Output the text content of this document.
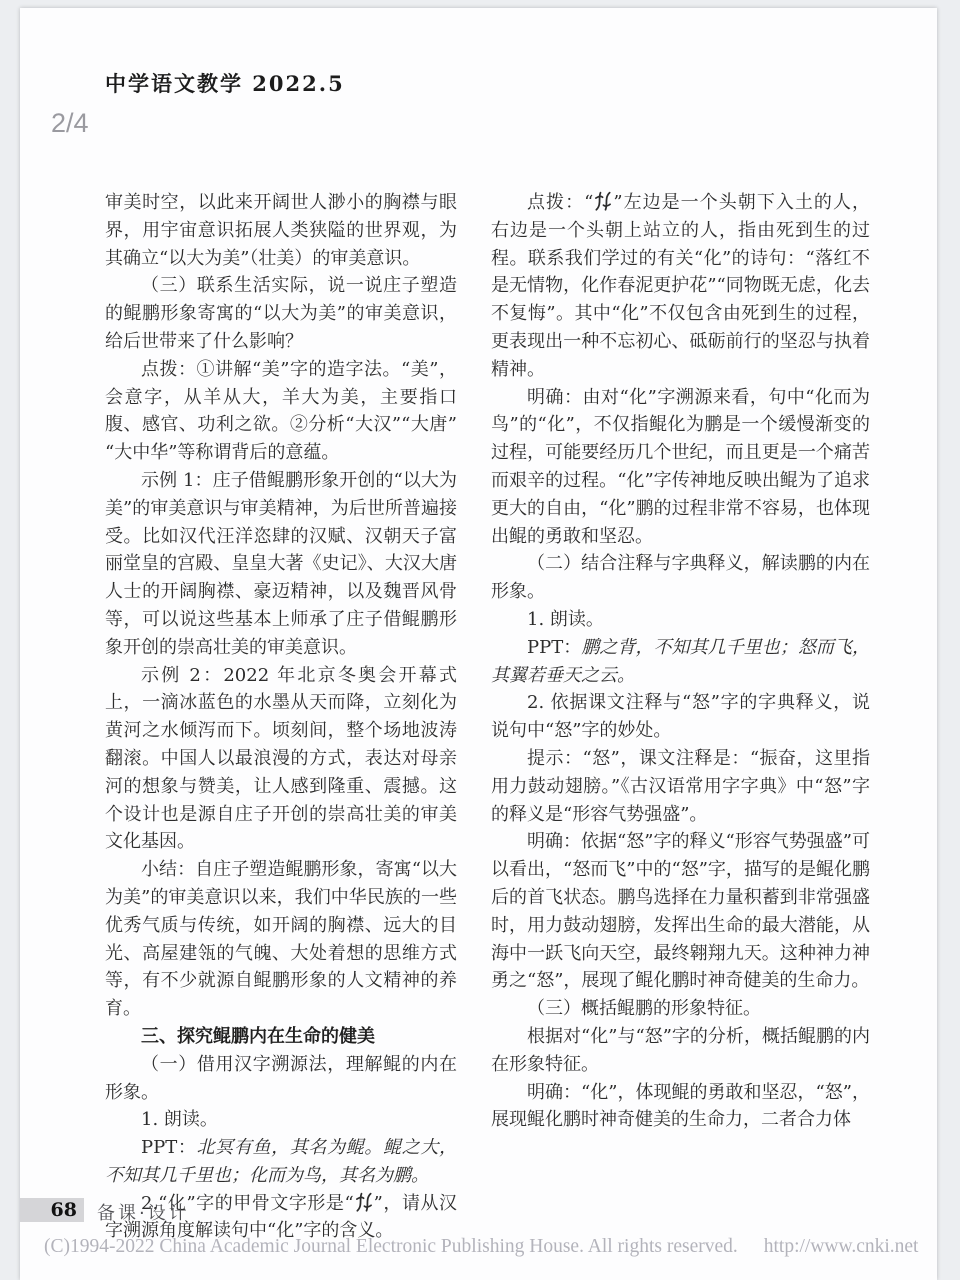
中学语文教学 2022.5
2/4

审美时空，以此来开阔世人渺小的胸襟与眼界，用宇宙意识拓展人类狭隘的世界观，为其确立“以大为美”（壮美）的审美意识。

（三）联系生活实际，说一说庄子塑造的鲲鹏形象寄寓的“以大为美”的审美意识，给后世带来了什么影响？

点拨：①讲解“美”字的造字法。“美”，会意字，从羊从大，羊大为美，主要指口腹、感官、功利之欲。②分析“大汉”“大唐”“大中华”等称谓背后的意蕴。

示例 1：庄子借鲲鹏形象开创的“以大为美”的审美意识与审美精神，为后世所普遍接受。比如汉代汪洋恣肆的汉赋、汉朝天子富丽堂皇的宫殿、皇皇大著《史记》、大汉大唐人士的开阔胸襟、豪迈精神，以及魏晋风骨等，可以说这些基本上师承了庄子借鲲鹏形象开创的崇高壮美的审美意识。

示例 2：2022 年北京冬奥会开幕式上，一滴冰蓝色的水墨从天而降，立刻化为黄河之水倾泻而下。顷刻间，整个场地波涛翻滚。中国人以最浪漫的方式，表达对母亲河的想象与赞美，让人感到隆重、震撼。这个设计也是源自庄子开创的崇高壮美的审美文化基因。

小结：自庄子塑造鲲鹏形象，寄寓“以大为美”的审美意识以来，我们中华民族的一些优秀气质与传统，如开阔的胸襟、远大的目光、高屋建瓴的气魄、大处着想的思维方式等，有不少就源自鲲鹏形象的人文精神的养育。

三、探究鲲鹏内在生命的健美

（一）借用汉字溯源法，理解鲲的内在形象。

1. 朗读。

PPT：北冥有鱼，其名为鲲。鲲之大，不知其几千里也；化而为鸟，其名为鹏。

2.“化”字的甲骨文字形是“ ”，请从汉字溯源角度解读句中“化”字的含义。

点拨：“ ”左边是一个头朝下入土的人，右边是一个头朝上站立的人，指由死到生的过程。联系我们学过的有关“化”的诗句：“落红不是无情物，化作春泥更护花”“同物既无虑，化去不复悔”。其中“化”不仅包含由死到生的过程，更表现出一种不忘初心、砥砺前行的坚忍与执着精神。

明确：由对“化”字溯源来看，句中“化而为鸟”的“化”，不仅指鲲化为鹏是一个缓慢渐变的过程，可能要经历几个世纪，而且更是一个痛苦而艰辛的过程。“化”字传神地反映出鲲为了追求更大的自由，“化”鹏的过程非常不容易，也体现出鲲的勇敢和坚忍。

（二）结合注释与字典释义，解读鹏的内在形象。

1. 朗读。

PPT：鹏之背，不知其几千里也；怒而飞，其翼若垂天之云。

2. 依据课文注释与“怒”字的字典释义，说说句中“怒”字的妙处。

提示：“怒”，课文注释是：“振奋，这里指用力鼓动翅膀。”《古汉语常用字字典》中“怒”字的释义是“形容气势强盛”。

明确：依据“怒”字的释义“形容气势强盛”可以看出，“怒而飞”中的“怒”字，描写的是鲲化鹏后的首飞状态。鹏鸟选择在力量积蓄到非常强盛时，用力鼓动翅膀，发挥出生命的最大潜能，从海中一跃飞向天空，最终翱翔九天。这种神力神勇之“怒”，展现了鲲化鹏时神奇健美的生命力。

（三）概括鲲鹏的形象特征。

根据对“化”与“怒”字的分析，概括鲲鹏的内在形象特征。

明确：“化”，体现鲲的勇敢和坚忍，“怒”，展现鲲化鹏时神奇健美的生命力，二者合力体

68 备课·设计
(C)1994-2022 China Academic Journal Electronic Publishing House. All rights reserved. http://www.cnki.net
